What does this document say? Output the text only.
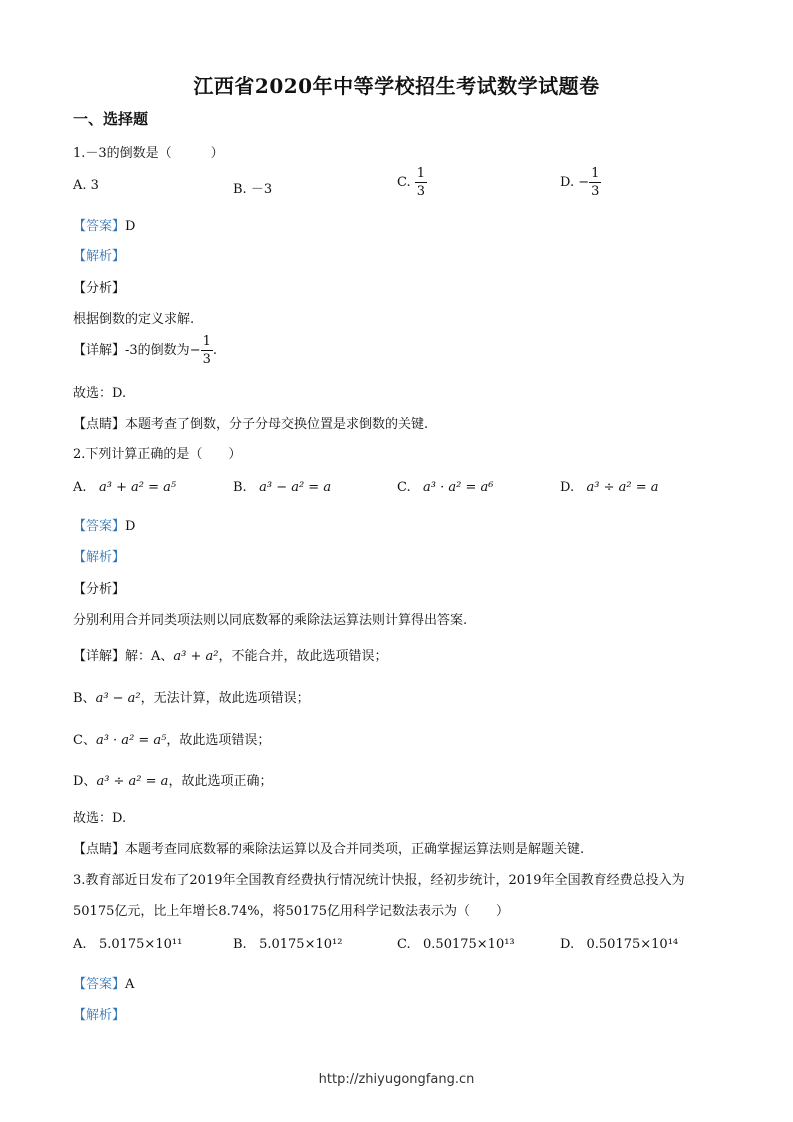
江西省2020年中等学校招生考试数学试题卷
一、选择题
1.－3的倒数是（　　　）
A. 3	B. －3	C. $\frac{1}{3}$	D. − $\frac{1}{3}$
【答案】D
【解析】
【分析】
根据倒数的定义求解.
【详解】-3的倒数为− $\frac{1}{3}$ .
故选：D.
【点睛】本题考查了倒数，分子分母交换位置是求倒数的关键.
2.下列计算正确的是（　　）
A. a³ + a² = a⁵	B. a³ − a² = a	C. a³ · a² = a⁶	D. a³ ÷ a² = a
【答案】D
【解析】
【分析】
分别利用合并同类项法则以同底数幂的乘除法运算法则计算得出答案.
【详解】解：A、a³ + a²，不能合并，故此选项错误；
B、a³ − a²，无法计算，故此选项错误；
C、a³ · a² = a⁵，故此选项错误；
D、a³ ÷ a² = a，故此选项正确；
故选：D.
【点睛】本题考查同底数幂的乘除法运算以及合并同类项，正确掌握运算法则是解题关键.
3.教育部近日发布了2019年全国教育经费执行情况统计快报，经初步统计，2019年全国教育经费总投入为
50175亿元，比上年增长8.74%，将50175亿用科学记数法表示为（　　）
A. 5.0175×10¹¹	B. 5.0175×10¹²	C. 0.50175×10¹³	D. 0.50175×10¹⁴
【答案】A
【解析】
http://zhiyugongfang.cn
